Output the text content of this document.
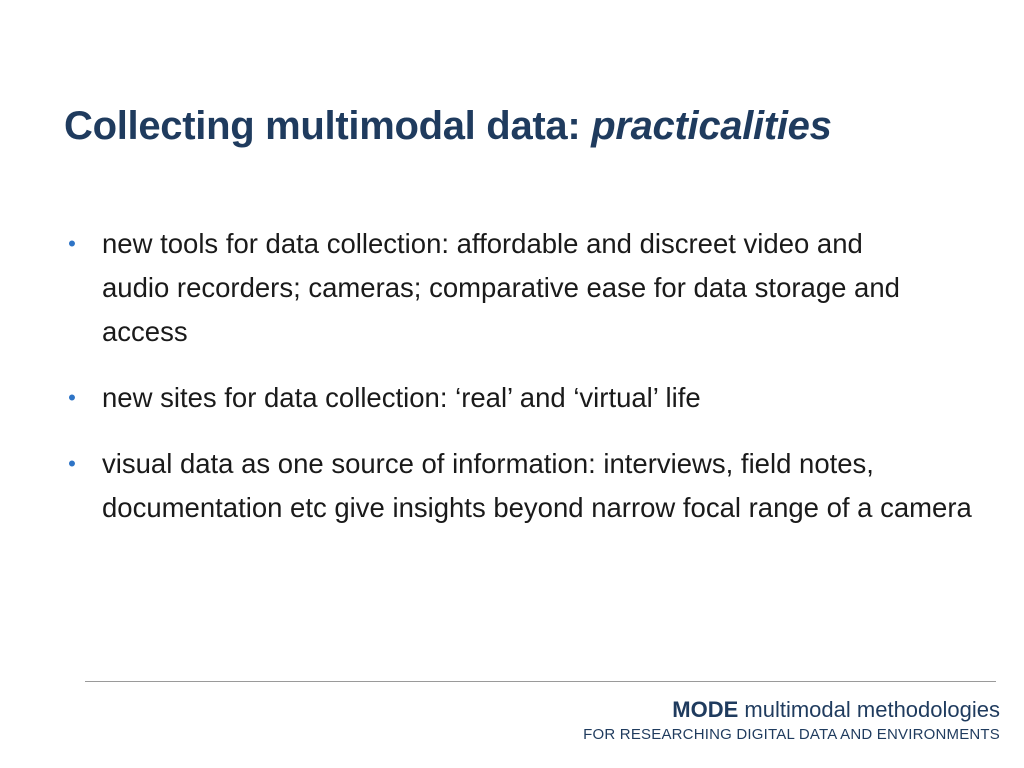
Collecting multimodal data: practicalities
• new tools for data collection: affordable and discreet video and audio recorders; cameras; comparative ease for data storage and access
• new sites for data collection: ‘real’ and ‘virtual’ life
• visual data as one source of information: interviews, field notes, documentation etc give insights beyond narrow focal range of a camera
MODE multimodal methodologies
FOR RESEARCHING DIGITAL DATA AND ENVIRONMENTS
